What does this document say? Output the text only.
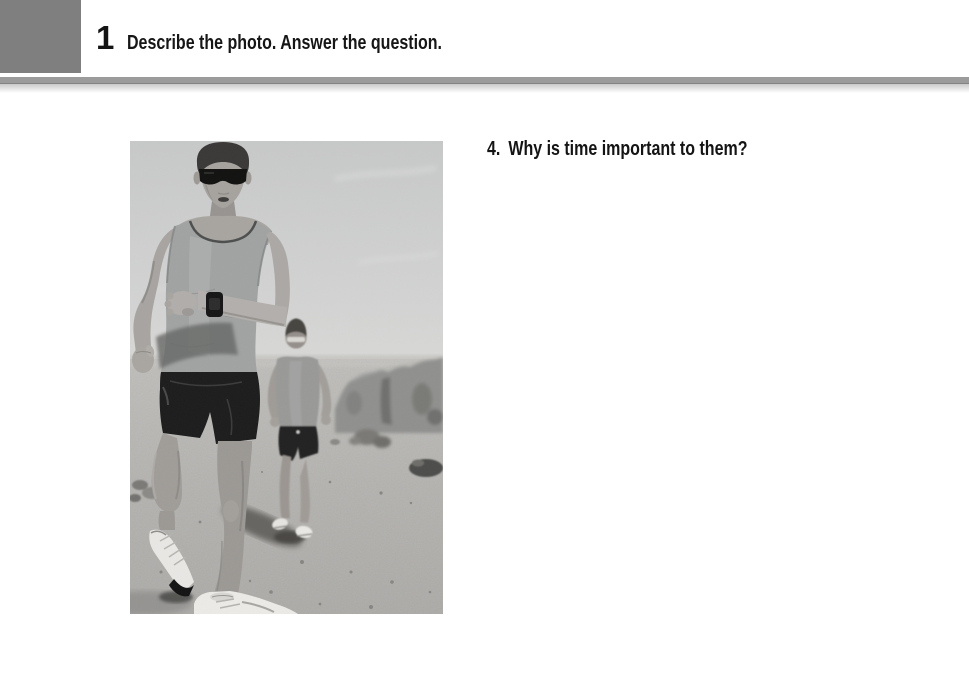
1 Describe the photo. Answer the question.
4. Why is time important to them?
